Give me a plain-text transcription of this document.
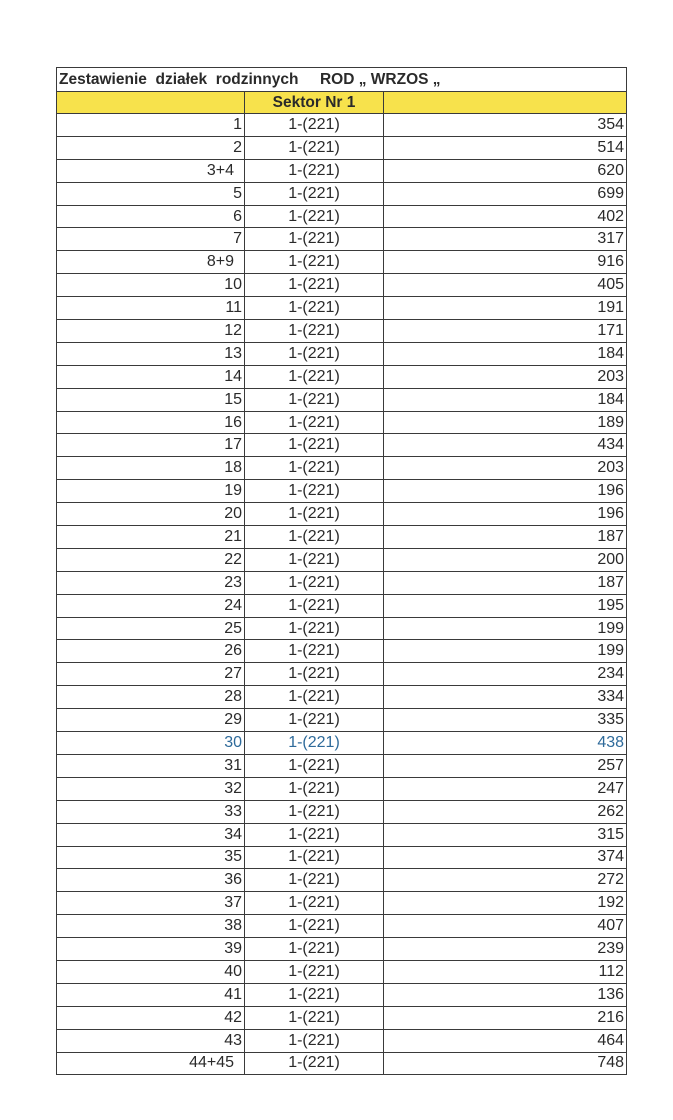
Zestawienie  działek  rodzinnych     ROD „ WRZOS „		

	Sektor Nr 1	
1	1-(221)	354
2	1-(221)	514
3+4	1-(221)	620
5	1-(221)	699
6	1-(221)	402
7	1-(221)	317
8+9	1-(221)	916
10	1-(221)	405
11	1-(221)	191
12	1-(221)	171
13	1-(221)	184
14	1-(221)	203
15	1-(221)	184
16	1-(221)	189
17	1-(221)	434
18	1-(221)	203
19	1-(221)	196
20	1-(221)	196
21	1-(221)	187
22	1-(221)	200
23	1-(221)	187
24	1-(221)	195
25	1-(221)	199
26	1-(221)	199
27	1-(221)	234
28	1-(221)	334
29	1-(221)	335
30	1-(221)	438
31	1-(221)	257
32	1-(221)	247
33	1-(221)	262
34	1-(221)	315
35	1-(221)	374
36	1-(221)	272
37	1-(221)	192
38	1-(221)	407
39	1-(221)	239
40	1-(221)	112
41	1-(221)	136
42	1-(221)	216
43	1-(221)	464
44+45	1-(221)	748
